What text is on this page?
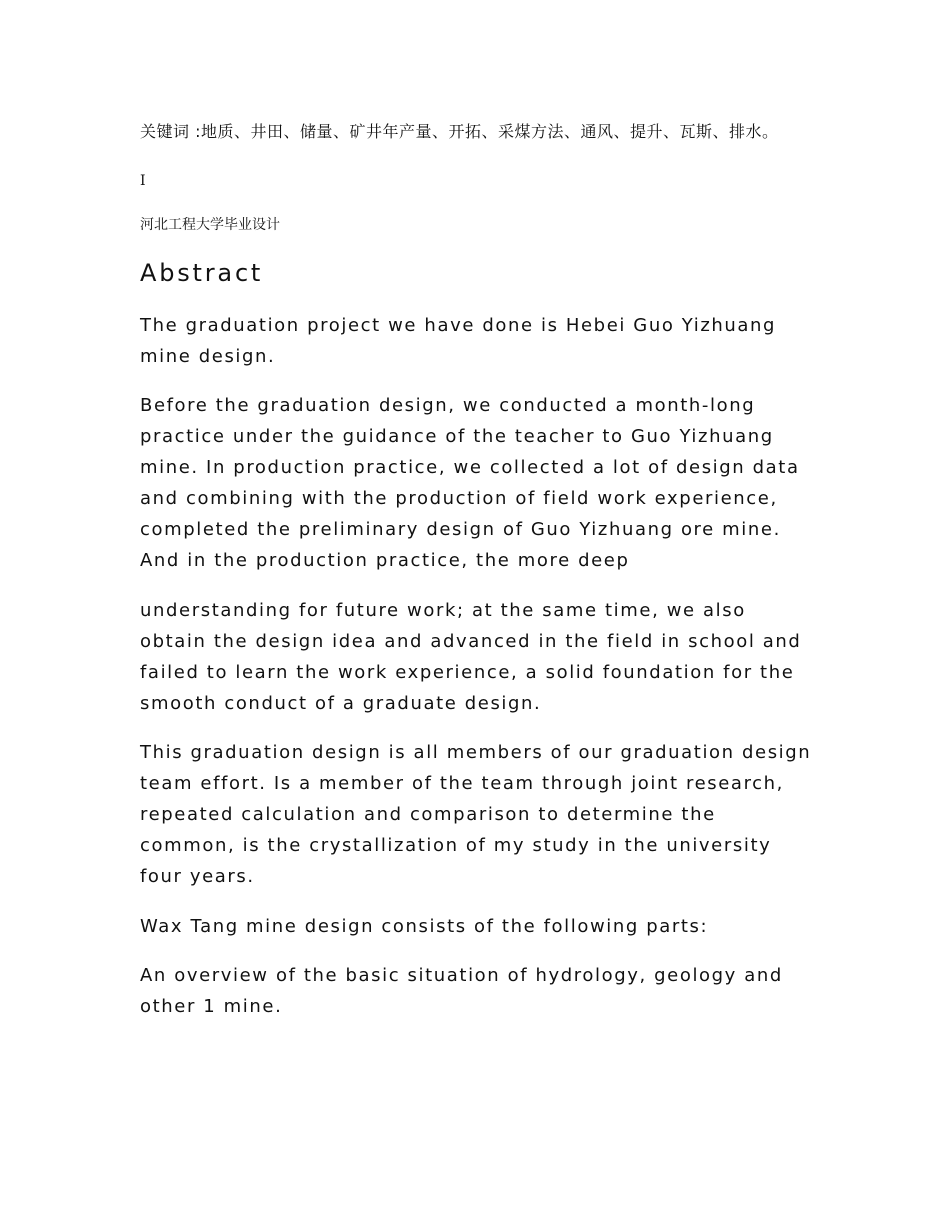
关键词 :地质、井田、储量、矿井年产量、开拓、采煤方法、通风、提升、瓦斯、排水。

I

河北工程大学毕业设计

Abstract

The graduation project we have done is Hebei Guo Yizhuang mine design.

Before the graduation design, we conducted a month-long practice under the guidance of the teacher to Guo Yizhuang mine. In production practice, we collected a lot of design data and combining with the production of field work experience, completed the preliminary design of Guo Yizhuang ore mine. And in the production practice, the more deep

understanding for future work; at the same time, we also obtain the design idea and advanced in the field in school and failed to learn the work experience, a solid foundation for the smooth conduct of a graduate design.

This graduation design is all members of our graduation design team effort. Is a member of the team through joint research, repeated calculation and comparison to determine the common, is the crystallization of my study in the university four years.

Wax Tang mine design consists of the following parts:

An overview of the basic situation of hydrology, geology and other 1 mine.
